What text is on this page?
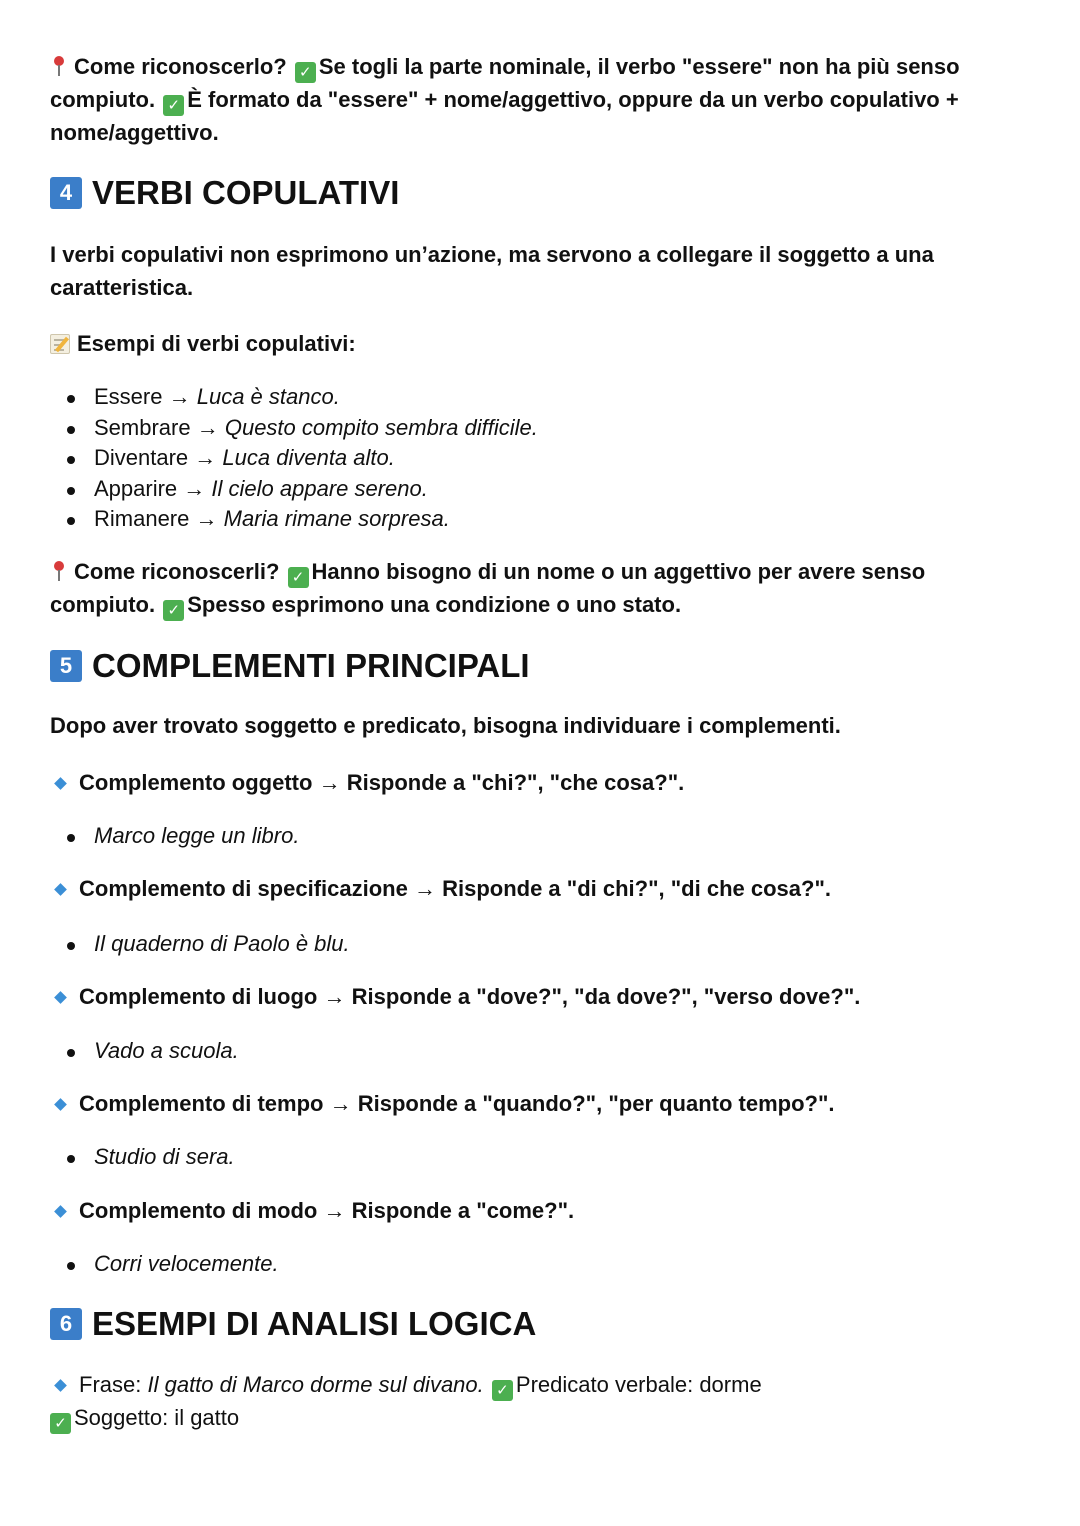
Come riconoscerlo? ✓ Se togli la parte nominale, il verbo "essere" non ha più senso compiuto. ✓ È formato da "essere" + nome/aggettivo, oppure da un verbo copulativo + nome/aggettivo.
4 VERBI COPULATIVI
I verbi copulativi non esprimono un’azione, ma servono a collegare il soggetto a una caratteristica.
Esempi di verbi copulativi:
Essere → Luca è stanco.
Sembrare → Questo compito sembra difficile.
Diventare → Luca diventa alto.
Apparire → Il cielo appare sereno.
Rimanere → Maria rimane sorpresa.
Come riconoscerli? ✓ Hanno bisogno di un nome o un aggettivo per avere senso compiuto. ✓ Spesso esprimono una condizione o uno stato.
5 COMPLEMENTI PRINCIPALI
Dopo aver trovato soggetto e predicato, bisogna individuare i complementi.
Complemento oggetto → Risponde a "chi?", "che cosa?".
Marco legge un libro.
Complemento di specificazione → Risponde a "di chi?", "di che cosa?".
Il quaderno di Paolo è blu.
Complemento di luogo → Risponde a "dove?", "da dove?", "verso dove?".
Vado a scuola.
Complemento di tempo → Risponde a "quando?", "per quanto tempo?".
Studio di sera.
Complemento di modo → Risponde a "come?".
Corri velocemente.
6 ESEMPI DI ANALISI LOGICA
Frase: Il gatto di Marco dorme sul divano. ✓ Predicato verbale: dorme
✓ Soggetto: il gatto
